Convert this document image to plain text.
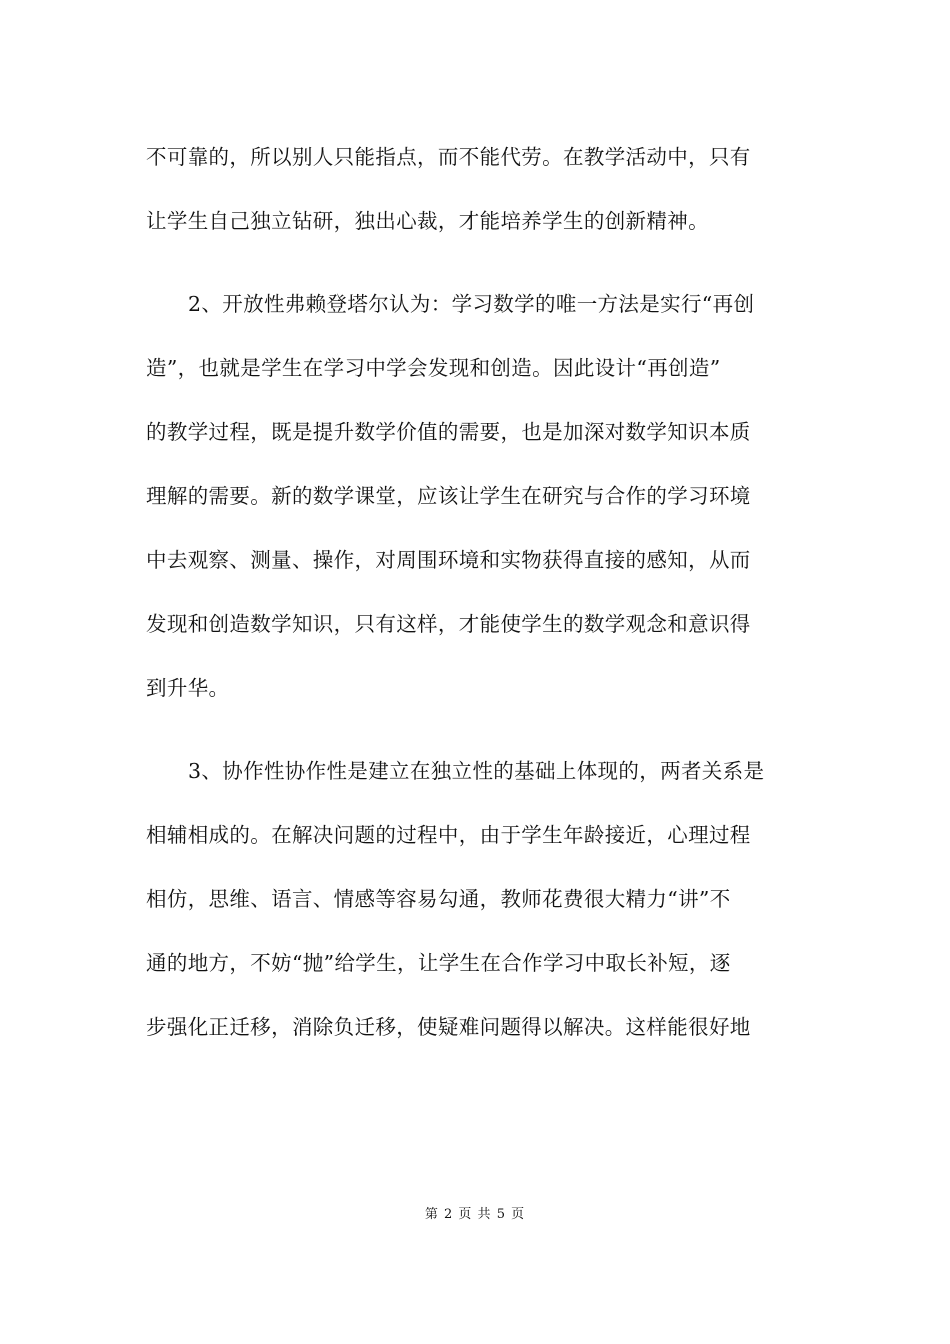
不可靠的，所以别人只能指点，而不能代劳。在教学活动中，只有
让学生自己独立钻研，独出心裁，才能培养学生的创新精神。
2、开放性弗赖登塔尔认为：学习数学的唯一方法是实行“再创
造”，也就是学生在学习中学会发现和创造。因此设计“再创造”
的教学过程，既是提升数学价值的需要，也是加深对数学知识本质
理解的需要。新的数学课堂，应该让学生在研究与合作的学习环境
中去观察、测量、操作，对周围环境和实物获得直接的感知，从而
发现和创造数学知识，只有这样，才能使学生的数学观念和意识得
到升华。
3、协作性协作性是建立在独立性的基础上体现的，两者关系是
相辅相成的。在解决问题的过程中，由于学生年龄接近，心理过程
相仿，思维、语言、情感等容易勾通，教师花费很大精力“讲”不
通的地方，不妨“抛”给学生，让学生在合作学习中取长补短，逐
步强化正迁移，消除负迁移，使疑难问题得以解决。这样能很好地
第 2 页 共 5 页
